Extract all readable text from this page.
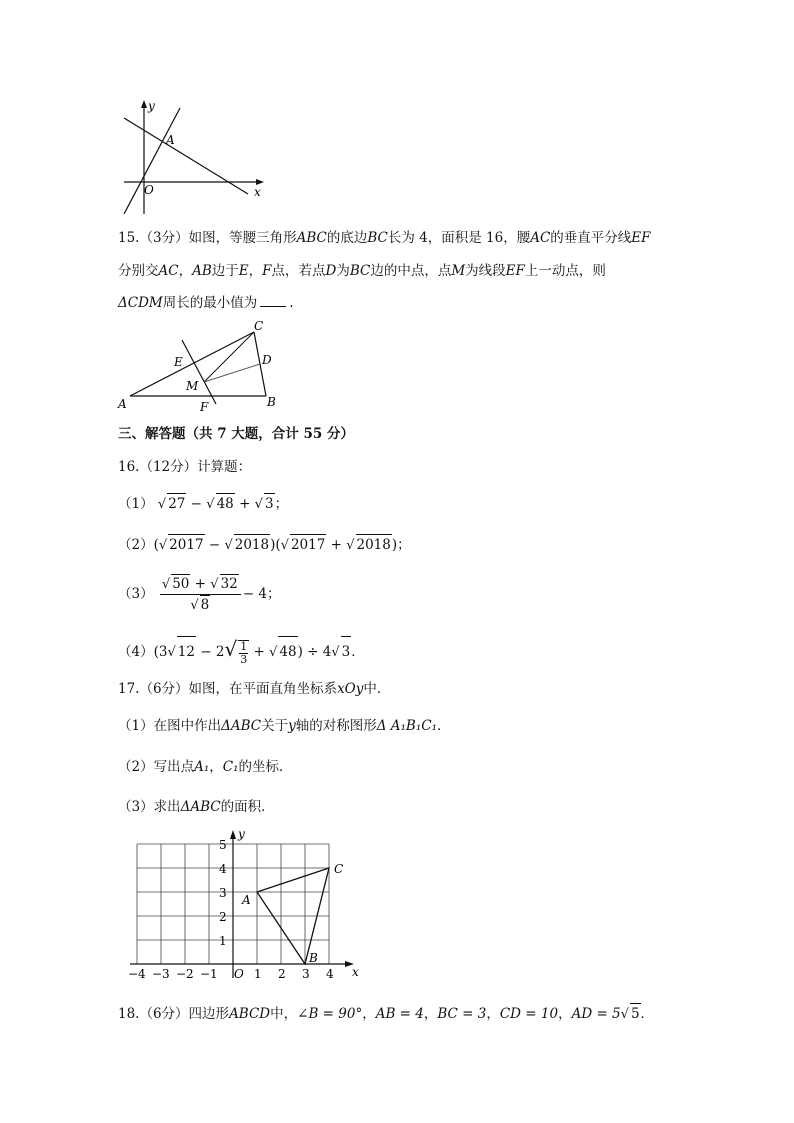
y
x
O
A
15.（3分）如图，等腰三角形ABC的底边BC长为 4，面积是 16，腰AC的垂直平分线EF
分别交AC，AB边于E，F点，若点D为BC边的中点，点M为线段EF上一动点，则
ΔCDM周长的最小值为 .
A	B
C
D
E
F
M
三、解答题（共 7 大题，合计 55 分）
16.（12分）计算题：
（1） √ 27 − √ 48 + √ 3；
（2）(√ 2017 − √ 2018)(√ 2017 + √ 2018)；
$(3) \frac{√ 50 + √ 32}{√ 8} - 4$；
（4）(3√ $12 - 2√ \frac{1}{3}$ + √ 48) ÷ 4√ 3．
17.（6分）如图，在平面直角坐标系xOy中．
（1）在图中作出ΔABC关于y轴的对称图形Δ A₁B₁C₁．
（2）写出点A₁，C₁的坐标．
（3）求出ΔABC的面积．
y
x
O
A
B
C
−4 −3 −2 −1	1 2 3 4
1
2
3
4
5
18.（6分）四边形ABCD中，∠B = 90°，AB = 4，BC = 3，CD = 10，AD = 5√ 5．
